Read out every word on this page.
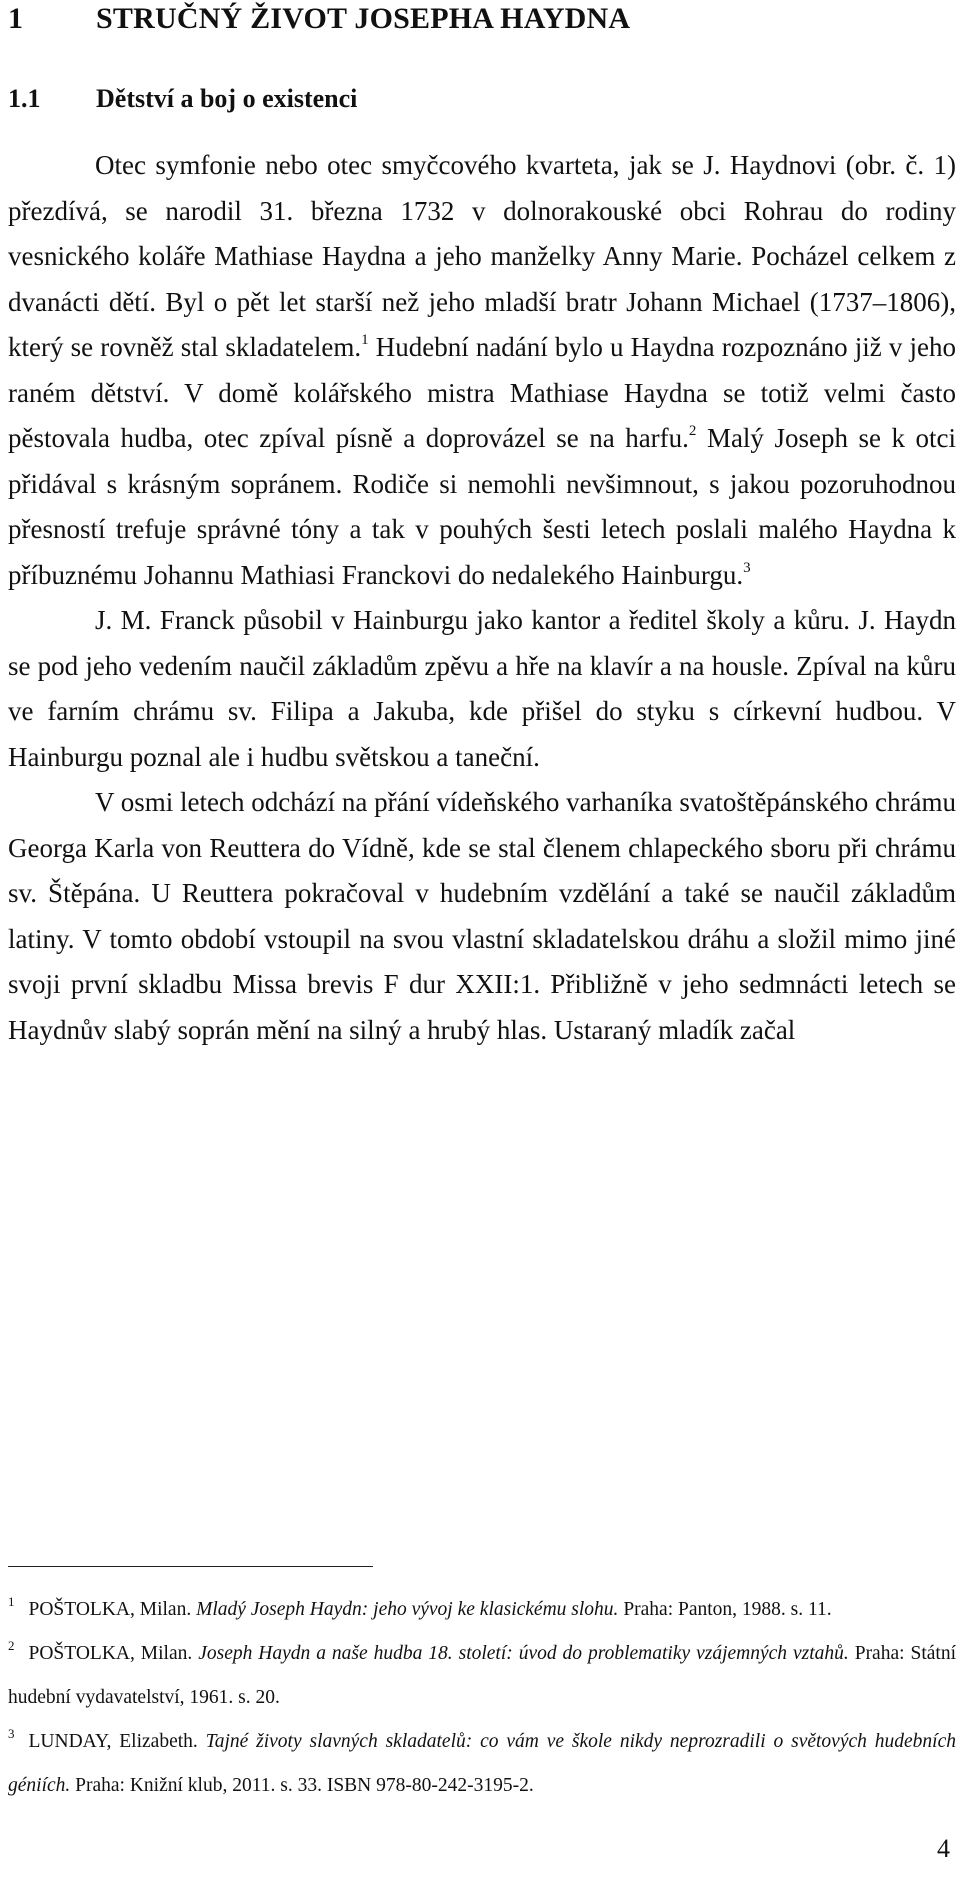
1 STRUČNÝ ŽIVOT JOSEPHA HAYDNA
1.1 Dětství a boj o existenci

Otec symfonie nebo otec smyčcového kvarteta, jak se J. Haydnovi (obr. č. 1) přezdívá, se narodil 31. března 1732 v dolnorakouské obci Rohrau do rodiny vesnického koláře Mathiase Haydna a jeho manželky Anny Marie. Pocházel celkem z dvanácti dětí. Byl o pět let starší než jeho mladší bratr Johann Michael (1737–1806), který se rovněž stal skladatelem.$^1$ Hudební nadání bylo u Haydna rozpoznáno již v jeho raném dětství. V domě kolářského mistra Mathiase Haydna se totiž velmi často pěstovala hudba, otec zpíval písně a doprovázel se na harfu.$^2$ Malý Joseph se k otci přidával s krásným sopránem. Rodiče si nemohli nevšimnout, s jakou pozoruhodnou přesností trefuje správné tóny a tak v pouhých šesti letech poslali malého Haydna k příbuznému Johannu Mathiasi Franckovi do nedalekého Hainburgu.$^3$

J. M. Franck působil v Hainburgu jako kantor a ředitel školy a kůru. J. Haydn se pod jeho vedením naučil základům zpěvu a hře na klavír a na housle. Zpíval na kůru ve farním chrámu sv. Filipa a Jakuba, kde přišel do styku s církevní hudbou. V Hainburgu poznal ale i hudbu světskou a taneční.

V osmi letech odchází na přání vídeňského varhaníka svatoštěpánského chrámu Georga Karla von Reuttera do Vídně, kde se stal členem chlapeckého sboru při chrámu sv. Štěpána. U Reuttera pokračoval v hudebním vzdělání a také se naučil základům latiny. V tomto období vstoupil na svou vlastní skladatelskou dráhu a složil mimo jiné svoji první skladbu Missa brevis F dur XXII:1. Přibližně v jeho sedmnácti letech se Haydnův slabý soprán mění na silný a hrubý hlas. Ustaraný mladík začal

$^1$ POŠTOLKA, Milan. Mladý Joseph Haydn: jeho vývoj ke klasickému slohu. Praha: Panton, 1988. s. 11.

$^2$ POŠTOLKA, Milan. Joseph Haydn a naše hudba 18. století: úvod do problematiky vzájemných vztahů. Praha: Státní hudební vydavatelství, 1961. s. 20.

$^3$ LUNDAY, Elizabeth. Tajné životy slavných skladatelů: co vám ve škole nikdy neprozradili o světových hudebních géniích. Praha: Knižní klub, 2011. s. 33. ISBN 978-80-242-3195-2.

4
